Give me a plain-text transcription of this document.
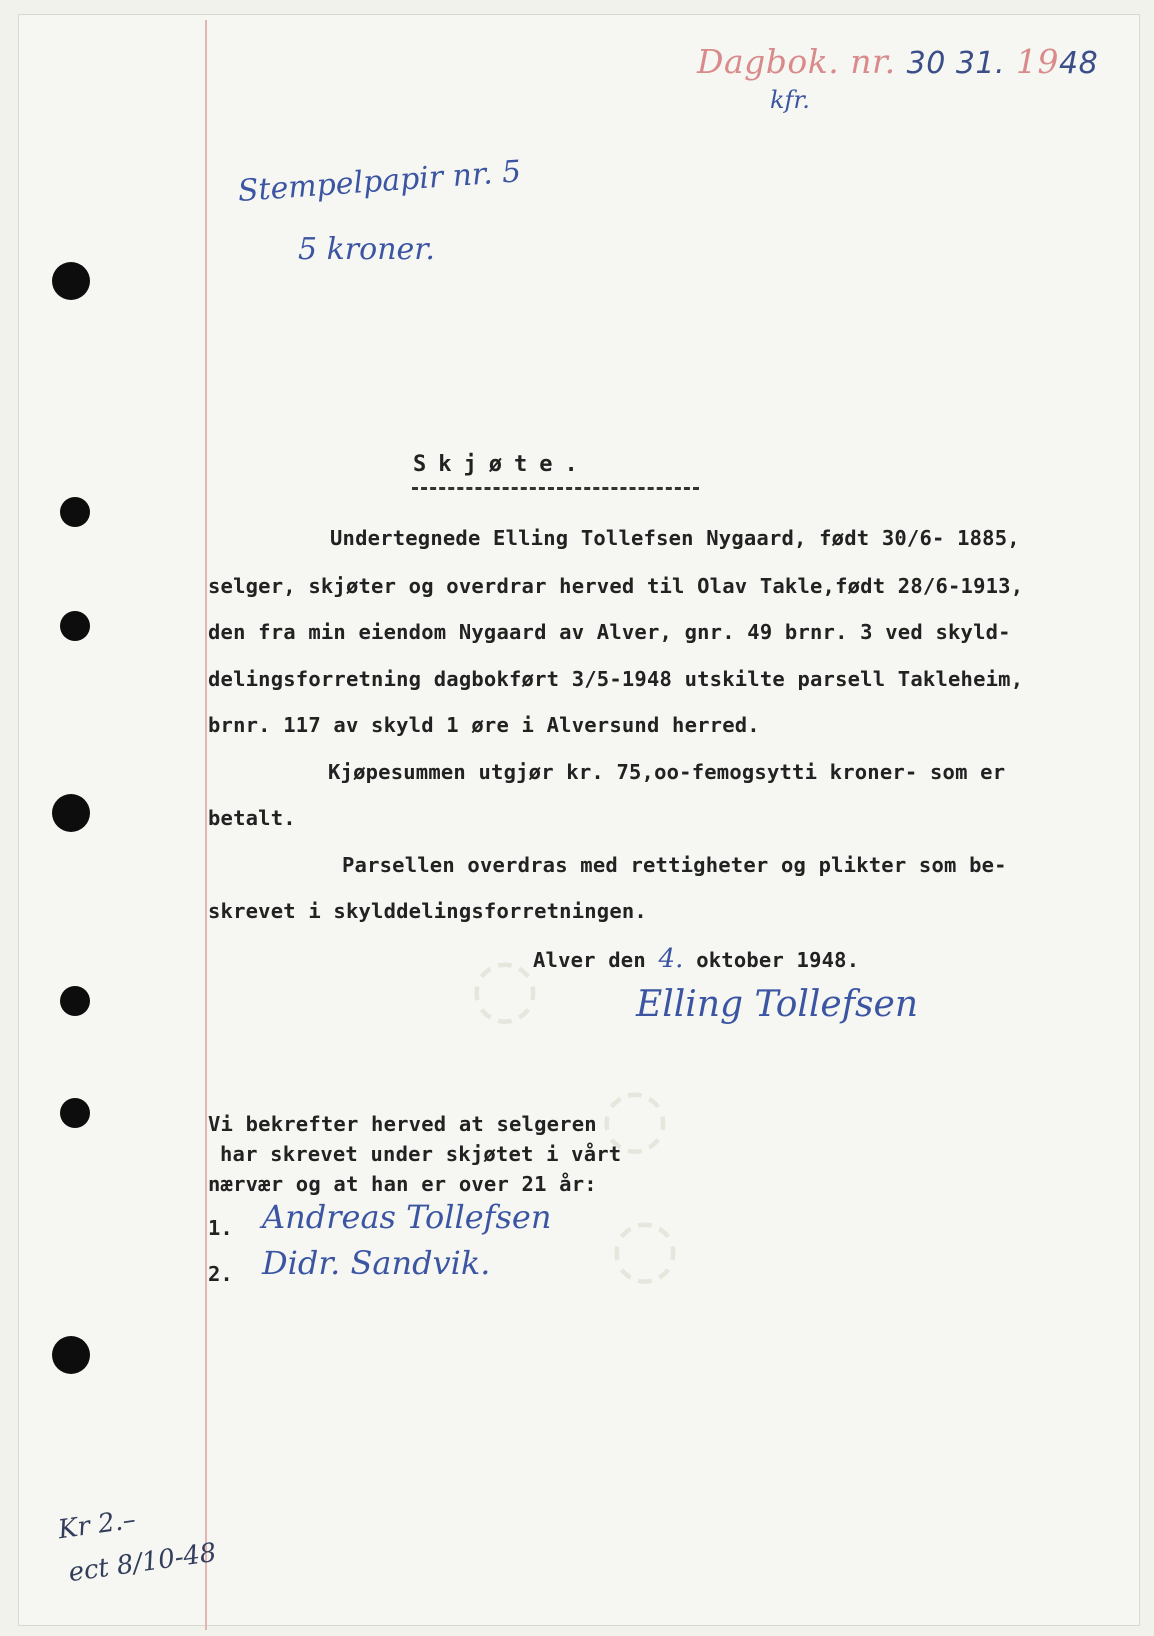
◌
◌
◌
Dagbok. nr. 30 31. 1948
kfr.
Stempelpapir nr. 5
5 kroner.
Skjøte.
Undertegnede Elling Tollefsen Nygaard, født 30/6- 1885,
selger, skjøter og overdrar herved til Olav Takle,født 28/6-1913,
den fra min eiendom Nygaard av Alver, gnr. 49 brnr. 3 ved skyld-
delingsforretning dagbokført 3/5-1948 utskilte parsell Takleheim,
brnr. 117 av skyld 1 øre i Alversund herred.
Kjøpesummen utgjør kr. 75,oo-femogsytti kroner- som er
betalt.
Parsellen overdras med rettigheter og plikter som be-
skrevet i skylddelingsforretningen.
Alver den 4. oktober 1948.
Elling Tollefsen
Vi bekrefter herved at selgeren
har skrevet under skjøtet i vårt
nærvær og at han er over 21 år:
1. Andreas Tollefsen
2. Didr. Sandvik.
Kr 2.–
ect 8/10-48
